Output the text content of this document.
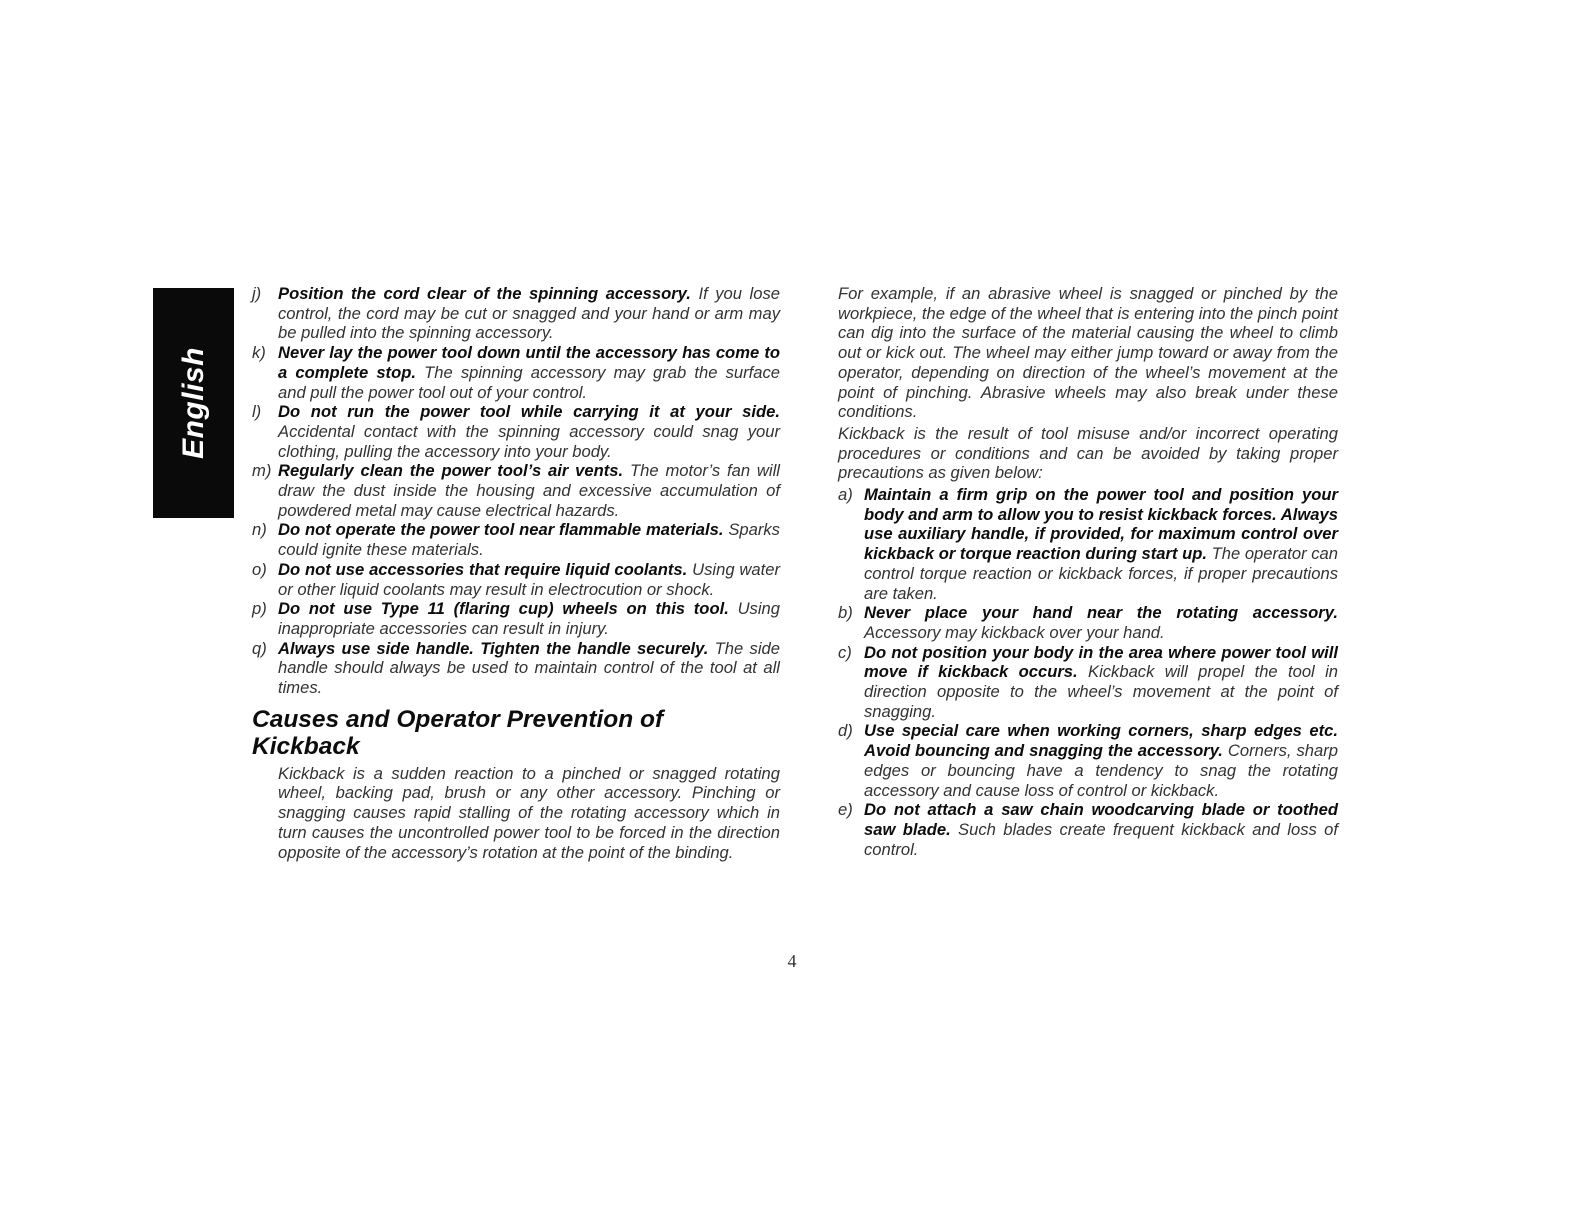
English
j) Position the cord clear of the spinning accessory. If you lose control, the cord may be cut or snagged and your hand or arm may be pulled into the spinning accessory.
k) Never lay the power tool down until the accessory has come to a complete stop. The spinning accessory may grab the surface and pull the power tool out of your control.
l) Do not run the power tool while carrying it at your side. Accidental contact with the spinning accessory could snag your clothing, pulling the accessory into your body.
m) Regularly clean the power tool’s air vents. The motor’s fan will draw the dust inside the housing and excessive accumulation of powdered metal may cause electrical hazards.
n) Do not operate the power tool near flammable materials. Sparks could ignite these materials.
o) Do not use accessories that require liquid coolants. Using water or other liquid coolants may result in electrocution or shock.
p) Do not use Type 11 (flaring cup) wheels on this tool. Using inappropriate accessories can result in injury.
q) Always use side handle. Tighten the handle securely. The side handle should always be used to maintain control of the tool at all times.
Causes and Operator Prevention of Kickback
Kickback is a sudden reaction to a pinched or snagged rotating wheel, backing pad, brush or any other accessory. Pinching or snagging causes rapid stalling of the rotating accessory which in turn causes the uncontrolled power tool to be forced in the direction opposite of the accessory’s rotation at the point of the binding.
For example, if an abrasive wheel is snagged or pinched by the workpiece, the edge of the wheel that is entering into the pinch point can dig into the surface of the material causing the wheel to climb out or kick out. The wheel may either jump toward or away from the operator, depending on direction of the wheel’s movement at the point of pinching. Abrasive wheels may also break under these conditions.
Kickback is the result of tool misuse and/or incorrect operating procedures or conditions and can be avoided by taking proper precautions as given below:
a) Maintain a firm grip on the power tool and position your body and arm to allow you to resist kickback forces. Always use auxiliary handle, if provided, for maximum control over kickback or torque reaction during start up. The operator can control torque reaction or kickback forces, if proper precautions are taken.
b) Never place your hand near the rotating accessory. Accessory may kickback over your hand.
c) Do not position your body in the area where power tool will move if kickback occurs. Kickback will propel the tool in direction opposite to the wheel’s movement at the point of snagging.
d) Use special care when working corners, sharp edges etc. Avoid bouncing and snagging the accessory. Corners, sharp edges or bouncing have a tendency to snag the rotating accessory and cause loss of control or kickback.
e) Do not attach a saw chain woodcarving blade or toothed saw blade. Such blades create frequent kickback and loss of control.
4
